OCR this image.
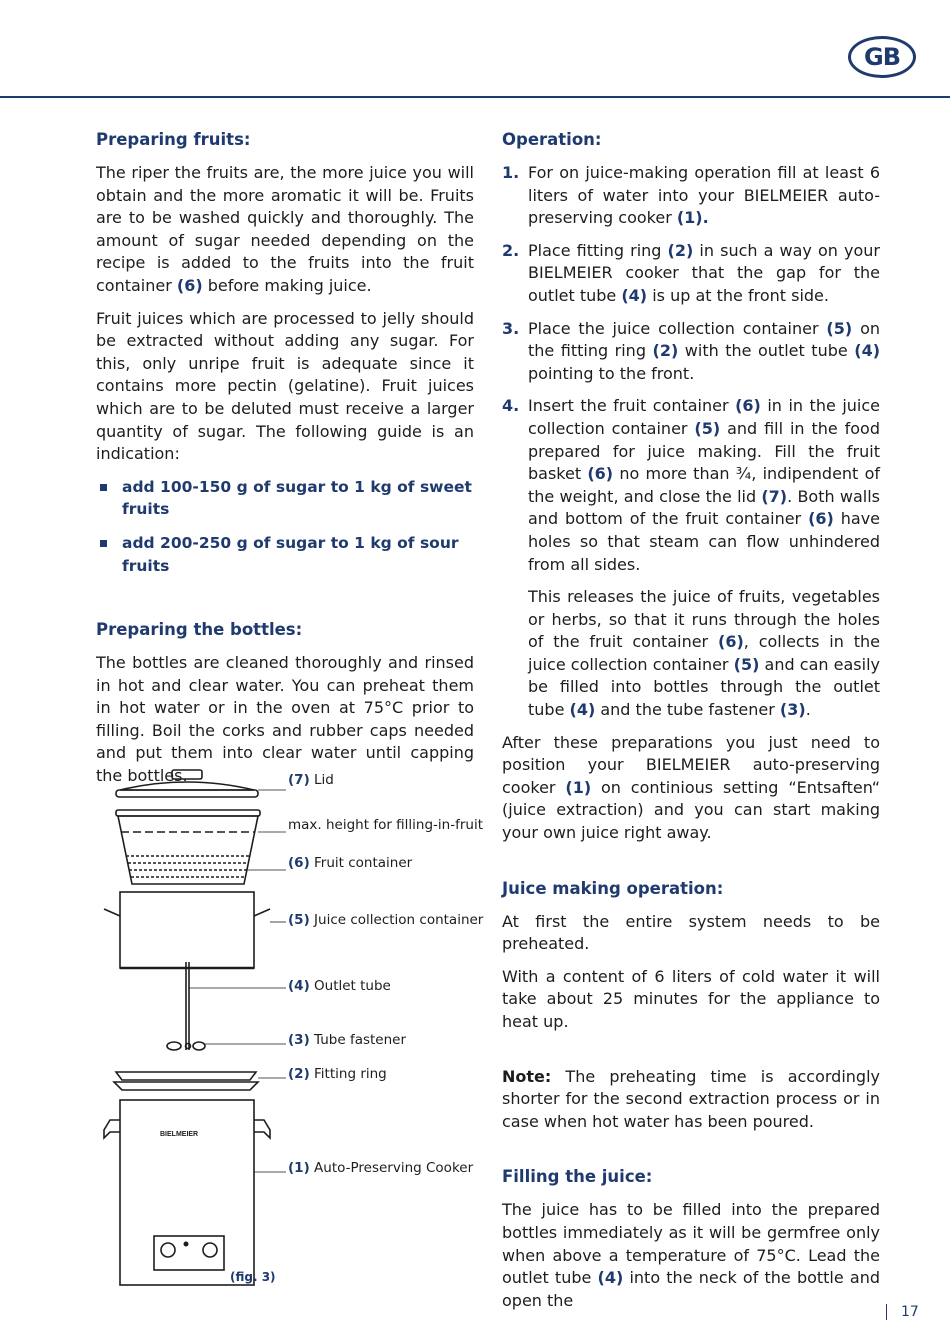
GB
Preparing fruits:

The riper the fruits are, the more juice you will obtain and the more aromatic it will be. Fruits are to be washed quickly and thoroughly. The amount of sugar needed depending on the recipe is added to the fruits into the fruit container (6) before making juice.

Fruit juices which are processed to jelly should be extracted without adding any sugar. For this, only unripe fruit is adequate since it contains more pectin (gelatine). Fruit juices which are to be deluted must receive a larger quantity of sugar. The following guide is an indication:

add 100-150 g of sugar to 1 kg of sweet fruits
add 200-250 g of sugar to 1 kg of sour fruits
Preparing the bottles:

The bottles are cleaned thoroughly and rinsed in hot and clear water. You can preheat them in hot water or in the oven at 75°C prior to filling. Boil the corks and rubber caps needed and put them into clear water until capping the bottles.

BIELMEIER
(7) Lid
max. height for filling-in-fruit
(6) Fruit container
(5) Juice collection container
(4) Outlet tube
(3) Tube fastener
(2) Fitting ring
(1) Auto-Preserving Cooker
(fig. 3)
Operation:
1. For on juice-making operation fill at least 6 liters of water into your BIELMEIER auto-preserving cooker (1).

2. Place fitting ring (2) in such a way on your BIELMEIER cooker that the gap for the outlet tube (4) is up at the front side.

3. Place the juice collection container (5) on the fitting ring (2) with the outlet tube (4) pointing to the front.

4. Insert the fruit container (6) in in the juice collection container (5) and fill in the food prepared for juice making. Fill the fruit basket (6) no more than ¾, indipendent of the weight, and close the lid (7). Both walls and bottom of the fruit container (6) have holes so that steam can flow unhindered from all sides.

This releases the juice of fruits, vegetables or herbs, so that it runs through the holes of the fruit container (6), collects in the juice collection container (5) and can easily be filled into bottles through the outlet tube (4) and the tube fastener (3).

After these preparations you just need to position your BIELMEIER auto-preserving cooker (1) on continious setting “Entsaften“ (juice extraction) and you can start making your own juice right away.

Juice making operation:

At first the entire system needs to be preheated.

With a content of 6 liters of cold water it will take about 25 minutes for the appliance to heat up.

Note: The preheating time is accordingly shorter for the second extraction process or in case when hot water has been poured.

Filling the juice:

The juice has to be filled into the prepared bottles immediately as it will be germfree only when above a temperature of 75°C. Lead the outlet tube (4) into the neck of the bottle and open the

17
